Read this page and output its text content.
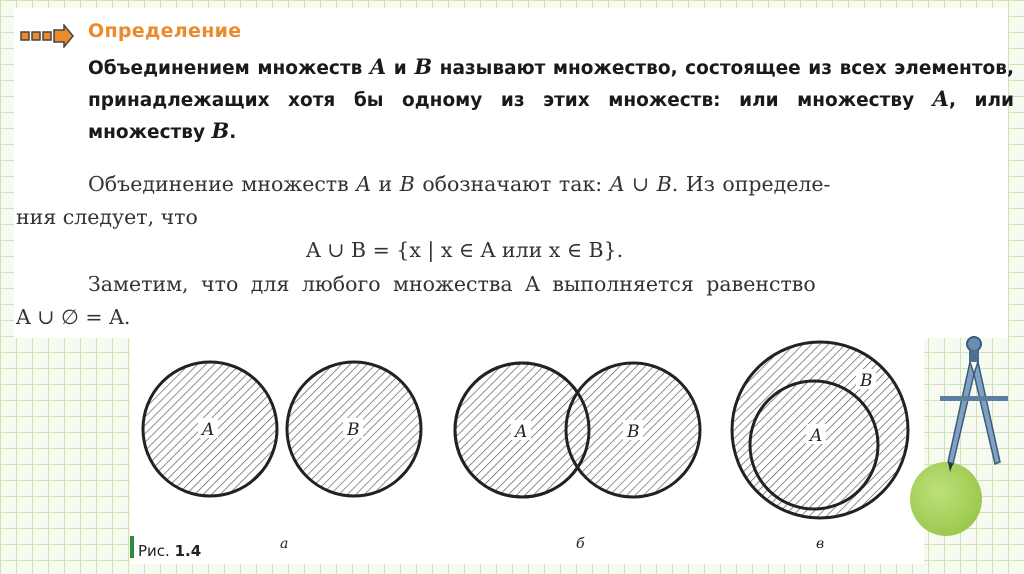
Определение
Объединением множеств A и B называют множество, состоящее из всех элементов, принадлежащих хотя бы одному из этих множеств: или множеству A, или множеству B.
Объединение множеств A и B обозначают так: A ∪ B. Из определе-
ния следует, что
A ∪ B = {x | x ∈ A или x ∈ B}.
Заметим, что для любого множества A выполняется равенство
A ∪ ∅ = A.
A	B	A	B	A
B
Рис. 1.4	а	б	в
